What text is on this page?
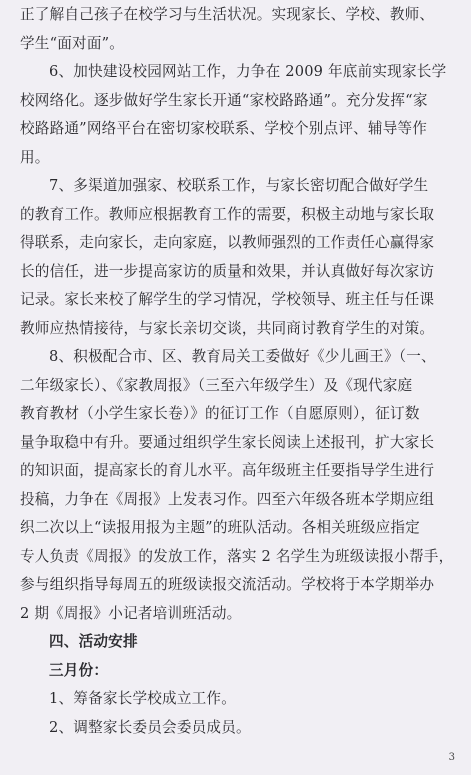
正了解自己孩子在校学习与生活状况。实现家长、学校、教师、
学生“面对面”。
6、加快建设校园网站工作，力争在 2009 年底前实现家长学
校网络化。逐步做好学生家长开通“家校路路通”。充分发挥“家
校路路通”网络平台在密切家校联系、学校个别点评、辅导等作
用。
7、多渠道加强家、校联系工作，与家长密切配合做好学生
的教育工作。教师应根据教育工作的需要，积极主动地与家长取
得联系，走向家长，走向家庭，以教师强烈的工作责任心赢得家
长的信任，进一步提高家访的质量和效果，并认真做好每次家访
记录。家长来校了解学生的学习情况，学校领导、班主任与任课
教师应热情接待，与家长亲切交谈，共同商讨教育学生的对策。
8、积极配合市、区、教育局关工委做好《少儿画王》（一、
二年级家长）、《家教周报》（三至六年级学生）及《现代家庭
教育教材（小学生家长卷）》的征订工作（自愿原则），征订数
量争取稳中有升。要通过组织学生家长阅读上述报刊，扩大家长
的知识面，提高家长的育儿水平。高年级班主任要指导学生进行
投稿，力争在《周报》上发表习作。四至六年级各班本学期应组
织二次以上“读报用报为主题”的班队活动。各相关班级应指定
专人负责《周报》的发放工作，落实 2 名学生为班级读报小帮手，
参与组织指导每周五的班级读报交流活动。学校将于本学期举办
2 期《周报》小记者培训班活动。
四、活动安排
三月份：
1、筹备家长学校成立工作。
2、调整家长委员会委员成员。
3
